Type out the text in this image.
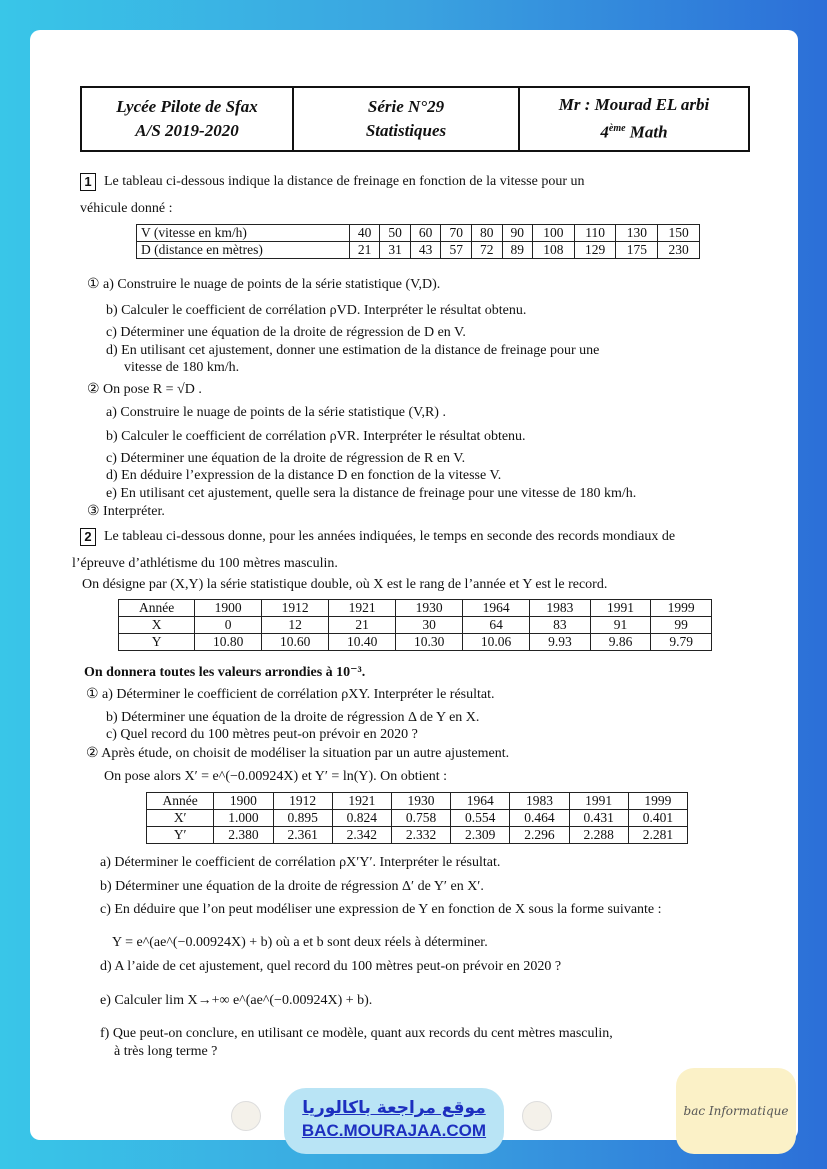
Lycée Pilote de Sfax
A/S 2019-2020
Série N°29
Statistiques
Mr : Mourad EL arbi
4ème Math
1 Le tableau ci-dessous indique la distance de freinage en fonction de la vitesse pour un
véhicule donné :
V (vitesse en km/h)	40	50	60	70	80	90	100	110	130	150
D (distance en mètres)	21	31	43	57	72	89	108	129	175	230
① a) Construire le nuage de points de la série statistique (V,D).
b) Calculer le coefficient de corrélation ρVD. Interpréter le résultat obtenu.
c) Déterminer une équation de la droite de régression de D en V.
d) En utilisant cet ajustement, donner une estimation de la distance de freinage pour une
vitesse de 180 km/h.
② On pose R = √D .
a) Construire le nuage de points de la série statistique (V,R) .
b) Calculer le coefficient de corrélation ρVR. Interpréter le résultat obtenu.
c) Déterminer une équation de la droite de régression de R en V.
d) En déduire l’expression de la distance D en fonction de la vitesse V.
e) En utilisant cet ajustement, quelle sera la distance de freinage pour une vitesse de 180 km/h.
③ Interpréter.
2 Le tableau ci-dessous donne, pour les années indiquées, le temps en seconde des records mondiaux de
l’épreuve d’athlétisme du 100 mètres masculin.
On désigne par (X,Y) la série statistique double, où X est le rang de l’année et Y est le record.
Année	1900	1912	1921	1930	1964	1983	1991	1999
X	0	12	21	30	64	83	91	99
Y	10.80	10.60	10.40	10.30	10.06	9.93	9.86	9.79
On donnera toutes les valeurs arrondies à 10⁻³.
① a) Déterminer le coefficient de corrélation ρXY. Interpréter le résultat.
b) Déterminer une équation de la droite de régression Δ de Y en X.
c) Quel record du 100 mètres peut-on prévoir en 2020 ?
② Après étude, on choisit de modéliser la situation par un autre ajustement.
On pose alors X′ = e^(−0.00924X) et Y′ = ln(Y). On obtient :
Année	1900	1912	1921	1930	1964	1983	1991	1999
X′	1.000	0.895	0.824	0.758	0.554	0.464	0.431	0.401
Y′	2.380	2.361	2.342	2.332	2.309	2.296	2.288	2.281
a) Déterminer le coefficient de corrélation ρX′Y′. Interpréter le résultat.
b) Déterminer une équation de la droite de régression Δ′ de Y′ en X′.
c) En déduire que l’on peut modéliser une expression de Y en fonction de X sous la forme suivante :
Y = e^(ae^(−0.00924X) + b) où a et b sont deux réels à déterminer.
d) A l’aide de cet ajustement, quel record du 100 mètres peut-on prévoir en 2020 ?
e) Calculer lim X→+∞ e^(ae^(−0.00924X) + b).
f) Que peut-on conclure, en utilisant ce modèle, quant aux records du cent mètres masculin,
à très long terme ?
موقع مراجعة باكالوريا
BAC.MOURAJAA.COM
bac Informatique
